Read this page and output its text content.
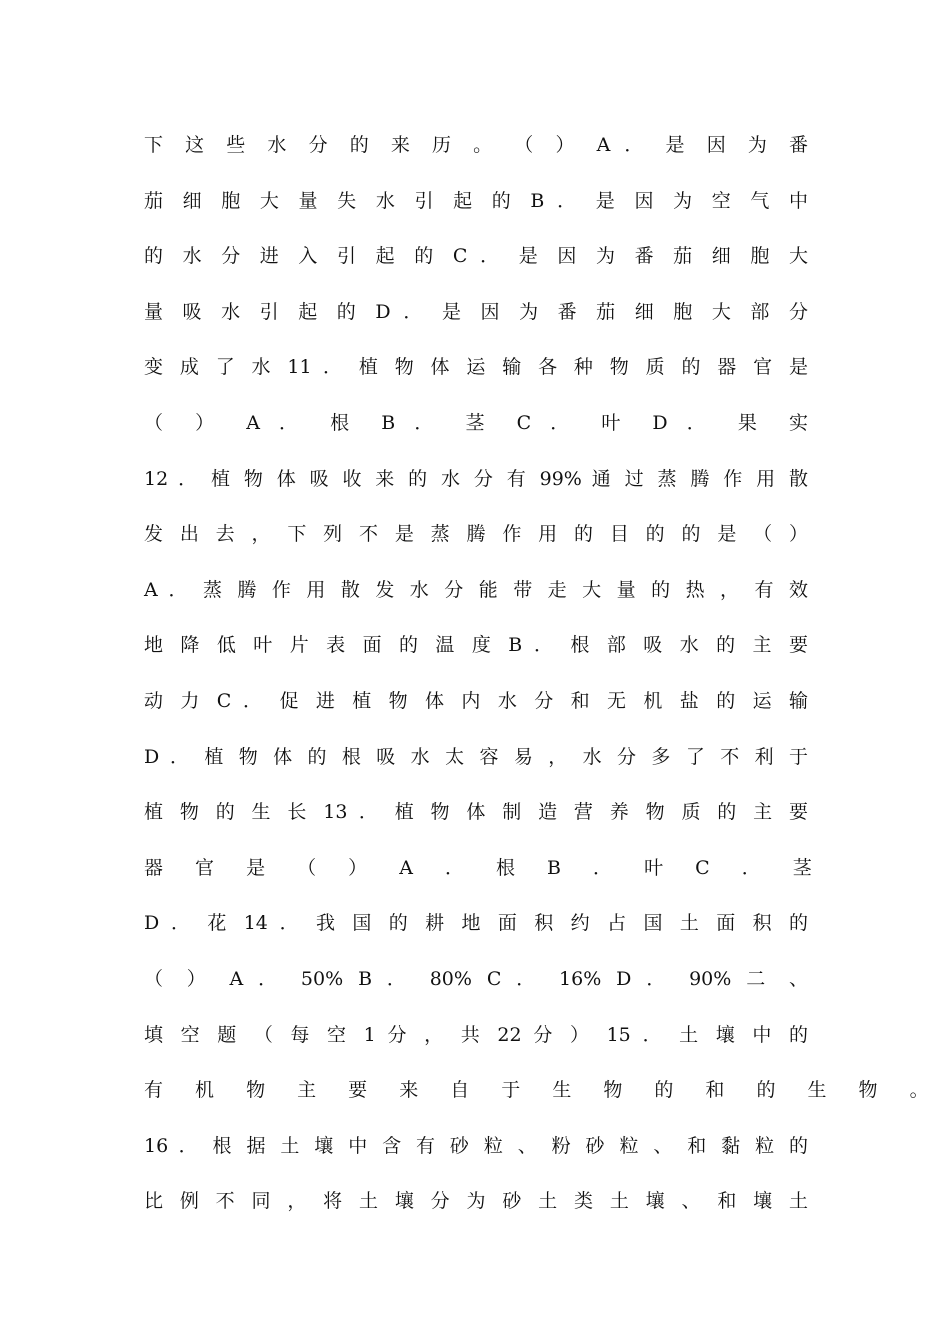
下 这 些 水 分 的 来 历 。 （ ） A ． 是 因 为 番
茄 细 胞 大 量 失 水 引 起 的 B ． 是 因 为 空 气 中
的 水 分 进 入 引 起 的 C ． 是 因 为 番 茄 细 胞 大
量 吸 水 引 起 的 D ． 是 因 为 番 茄 细 胞 大 部 分
变 成 了 水 11 ． 植 物 体 运 输 各 种 物 质 的 器 官 是
（ ） A ． 根 B ． 茎 C ． 叶 D ． 果 实
12 ． 植 物 体 吸 收 来 的 水 分 有 99% 通 过 蒸 腾 作 用 散
发 出 去 ， 下 列 不 是 蒸 腾 作 用 的 目 的 的 是 （ ）
A ． 蒸 腾 作 用 散 发 水 分 能 带 走 大 量 的 热 ， 有 效
地 降 低 叶 片 表 面 的 温 度 B ． 根 部 吸 水 的 主 要
动 力 C ． 促 进 植 物 体 内 水 分 和 无 机 盐 的 运 输
D ． 植 物 体 的 根 吸 水 太 容 易 ， 水 分 多 了 不 利 于
植 物 的 生 长 13 ． 植 物 体 制 造 营 养 物 质 的 主 要
器 官 是 （ ） A ． 根 B ． 叶 C ． 茎
D ． 花 14 ． 我 国 的 耕 地 面 积 约 占 国 土 面 积 的
（ ） A ． 50% B ． 80% C ． 16% D ． 90% 二 、
填 空 题 （ 每 空 1 分 ， 共 22 分 ） 15 ． 土 壤 中 的
有 机 物 主 要 来 自 于 生 物 的 和 的 生 物 。
16 ． 根 据 土 壤 中 含 有 砂 粒 、 粉 砂 粒 、 和 黏 粒 的
比 例 不 同 ， 将 土 壤 分 为 砂 土 类 土 壤 、 和 壤 土
